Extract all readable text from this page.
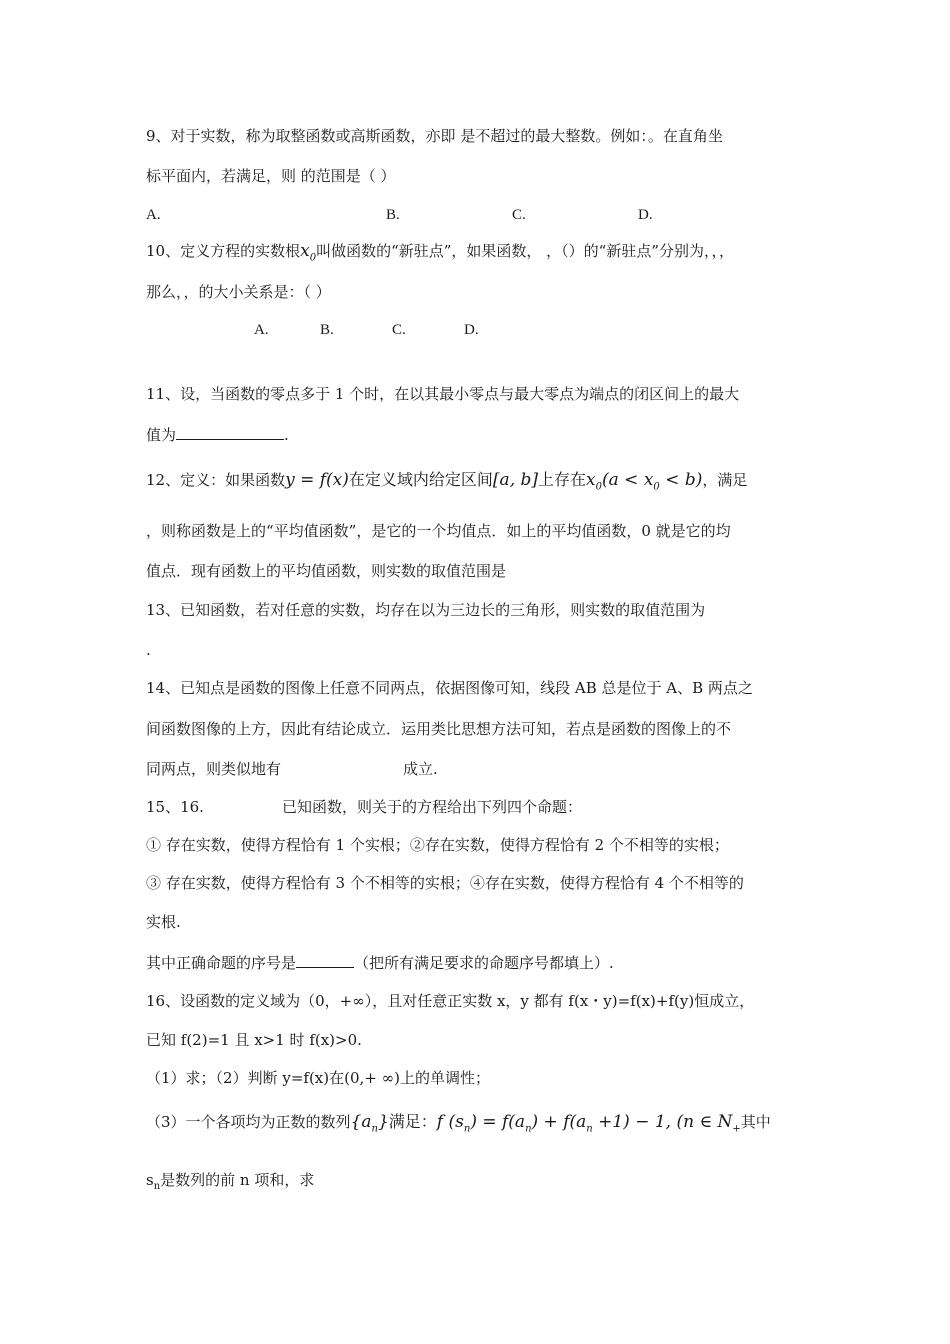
9、对于实数，称为取整函数或高斯函数，亦即 是不超过的最大整数。例如：。在直角坐
标平面内，若满足，则 的范围是（ ）
A.	B.	C.	D.
10、定义方程的实数根$x_0$叫做函数的“新驻点”，如果函数， ，（）的“新驻点”分别为，，，
那么，，的大小关系是：（ ）
A.	B.	C.	D.
11、设，当函数的零点多于 1 个时，在以其最小零点与最大零点为端点的闭区间上的最大
值为	.
12、定义：如果函数y = f(x)在定义域内给定区间[a, b]上存在$x_0(a < x_0 < b)$，满足
，则称函数是上的“平均值函数”，是它的一个均值点．如上的平均值函数，0 就是它的均
值点．现有函数上的平均值函数，则实数的取值范围是
13、已知函数，若对任意的实数，均存在以为三边长的三角形，则实数的取值范围为
.
14、已知点是函数的图像上任意不同两点，依据图像可知，线段 AB 总是位于 A、B 两点之
间函数图像的上方，因此有结论成立．运用类比思想方法可知，若点是函数的图像上的不
同两点，则类似地有	成立.
15、16.	已知函数，则关于的方程给出下列四个命题：
① 存在实数，使得方程恰有 1 个实根；②存在实数，使得方程恰有 2 个不相等的实根；
③ 存在实数，使得方程恰有 3 个不相等的实根；④存在实数，使得方程恰有 4 个不相等的
实根.
其中正确命题的序号是	（把所有满足要求的命题序号都填上）.
16、设函数的定义域为（0，+∞），且对任意正实数 x，y 都有 f(x・y)=f(x)+f(y)恒成立，
已知 f(2)=1 且 x>1 时 f(x)>0.
（1）求；（2）判断 y=f(x)在(0,+ ∞)上的单调性；
（3）一个各项均为正数的数列$\{a_n\}$满足：f $(s_n) = f(a_n) + f(a_n +1) - 1$, (n ∈ $N_+$其中
$s_n$是数列的前 n 项和，求
